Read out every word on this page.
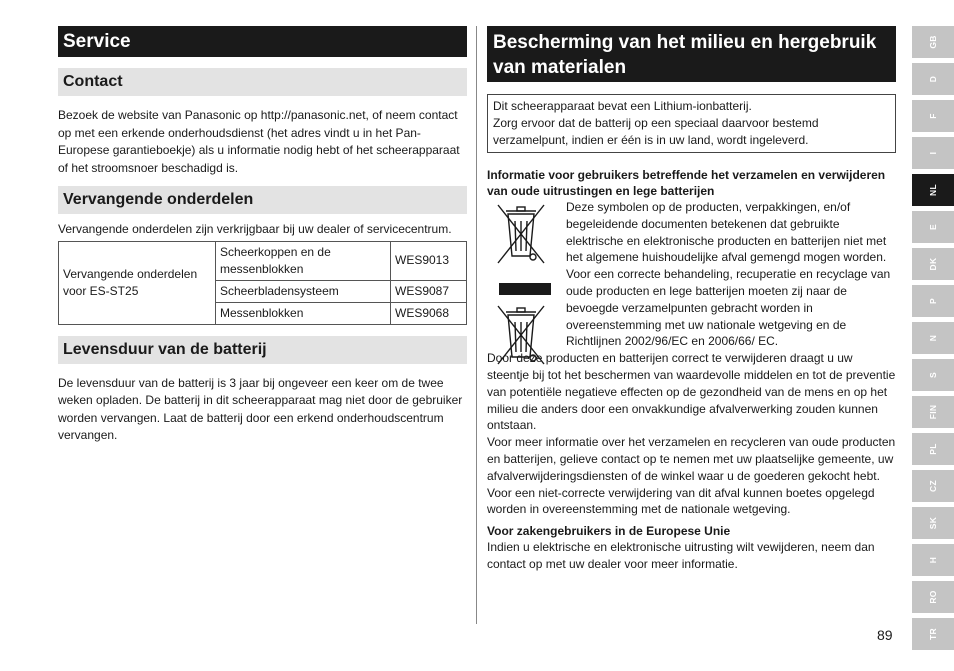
Service
Contact

Bezoek de website van Panasonic op http://panasonic.net, of neem contact op met een erkende onderhoudsdienst (het adres vindt u in het Pan-Europese garantieboekje) als u informatie nodig hebt of het scheerapparaat of het stroomsnoer beschadigd is.

Vervangende onderdelen

Vervangende onderdelen zijn verkrijgbaar bij uw dealer of servicecentrum.

Vervangende onderdelen voor ES-ST25	Scheerkoppen en de messenblokken	WES9013
	Scheerbladensysteem	WES9087
	Messenblokken	WES9068
Levensduur van de batterij

De levensduur van de batterij is 3 jaar bij ongeveer een keer om de twee weken opladen. De batterij in dit scheerapparaat mag niet door de gebruiker worden vervangen. Laat de batterij door een erkend onderhoudscentrum vervangen.

Bescherming van het milieu en hergebruik van materialen
Dit scheerapparaat bevat een Lithium-ionbatterij.
Zorg ervoor dat de batterij op een speciaal daarvoor bestemd verzamelpunt, indien er één is in uw land, wordt ingeleverd.
Informatie voor gebruikers betreffende het verzamelen en verwijderen van oude uitrustingen en lege batterijen

Deze symbolen op de producten, verpakkingen, en/of begeleidende documenten betekenen dat gebruikte elektrische en elektronische producten en batterijen niet met het algemene huishoudelijke afval gemengd mogen worden.

Voor een correcte behandeling, recuperatie en recyclage van oude producten en lege batterijen moeten zij naar de bevoegde verzamelpunten gebracht worden in overeenstemming met uw nationale wetgeving en de Richtlijnen 2002/96/EC en 2006/66/ EC.

Door deze producten en batterijen correct te verwijderen draagt u uw steentje bij tot het beschermen van waardevolle middelen en tot de preventie van potentiële negatieve effecten op de gezondheid van de mens en op het milieu die anders door een onvakkundige afvalverwerking zouden kunnen ontstaan.

Voor meer informatie over het verzamelen en recycleren van oude producten en batterijen, gelieve contact op te nemen met uw plaatselijke gemeente, uw afvalverwijderingsdiensten of de winkel waar u de goederen gekocht hebt.

Voor een niet-correcte verwijdering van dit afval kunnen boetes opgelegd worden in overeenstemming met de nationale wetgeving.

Voor zakengebruikers in de Europese Unie

Indien u elektrische en elektronische uitrusting wilt vewijderen, neem dan contact op met uw dealer voor meer informatie.

GB
D
F
I
NL
E
DK
P
N
S
FIN
PL
CZ
SK
H
RO
TR
89
